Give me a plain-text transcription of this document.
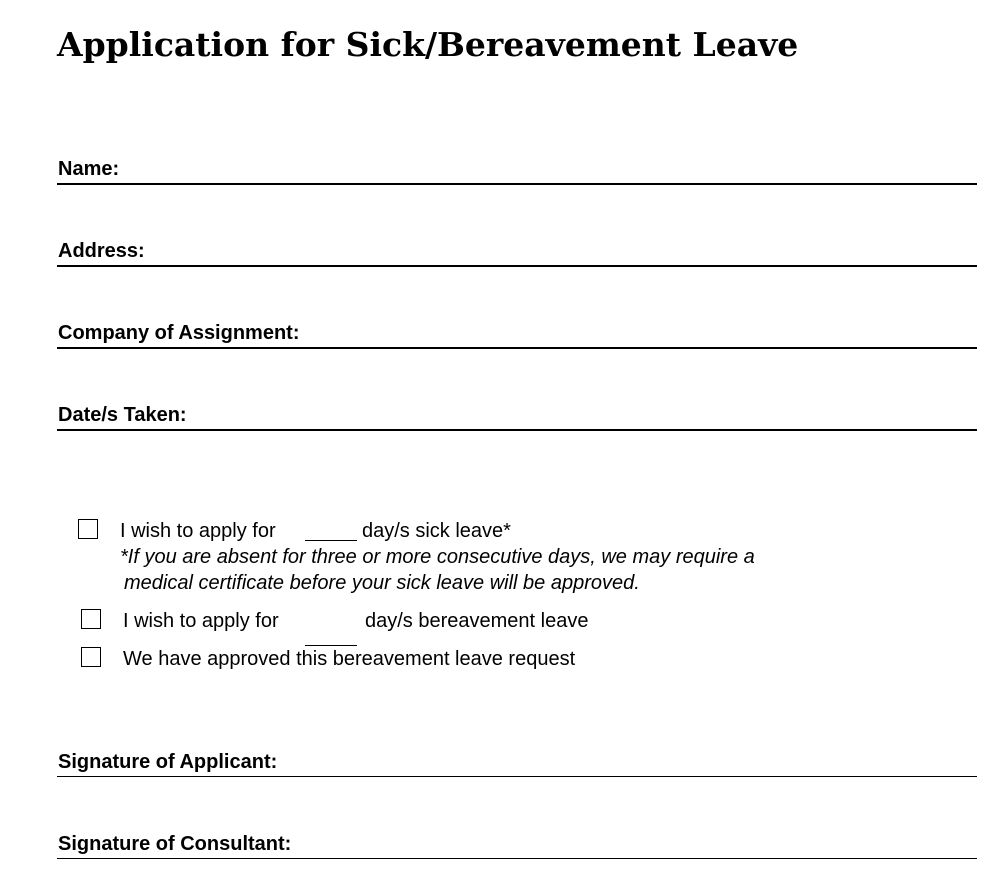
Application for Sick/Bereavement Leave
Name:
Address:
Company of Assignment:
Date/s Taken:
I wish to apply for	day/s sick leave*
*If you are absent for three or more consecutive days, we may require a
medical certificate before your sick leave will be approved.
I wish to apply for	day/s bereavement leave
We have approved this bereavement leave request
Signature of Applicant:
Signature of Consultant:
